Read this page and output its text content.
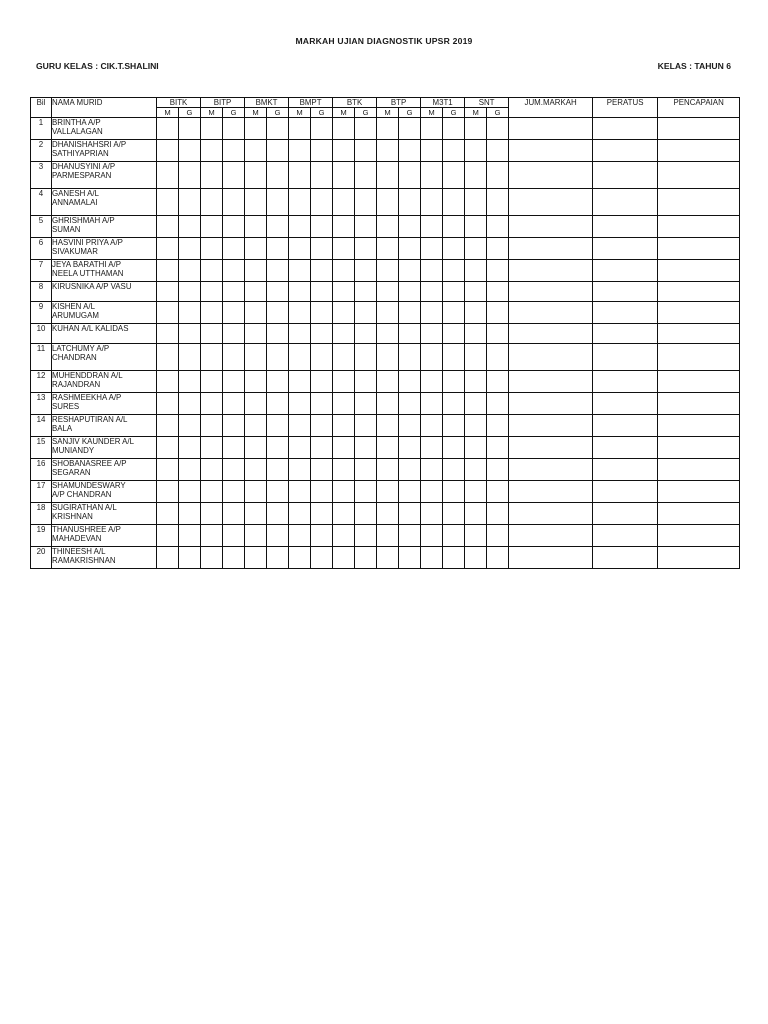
MARKAH UJIAN DIAGNOSTIK UPSR 2019
GURU KELAS : CIK.T.SHALINI	KELAS : TAHUN 6
Bil	NAMA MURID	BITK		BITP		BMKT		BMPT		BTK		BTP		M3T1		SNT		JUM.MARKAH	PERATUS	PENCAPAIAN
		M	G	M	G	M	G	M	G	M	G	M	G	M	G	M	G			
1	BRINTHA A/P
VALLALAGAN																			

2	DHANISHAHSRI A/P
SATHIYAPRIAN																			

3	DHANUSYINI A/P
PARMESPARAN																			

4	GANESH A/L
ANNAMALAI																			

5	GHRISHMAH A/P
SUMAN																			

6	HASVINI PRIYA A/P
SIVAKUMAR																			

7	JEYA BARATHI A/P
NEELA UTTHAMAN																			

8	KIRUSNIKA A/P VASU																			

9	KISHEN A/L
ARUMUGAM																			

10	KUHAN A/L KALIDAS																			

11	LATCHUMY A/P
CHANDRAN																			

12	MUHENDDRAN A/L
RAJANDRAN																			

13	RASHMEEKHA A/P
SURES																			

14	RESHAPUTIRAN A/L
BALA																			

15	SANJIV KAUNDER A/L
MUNIANDY																			

16	SHOBANASREE A/P
SEGARAN																			

17	SHAMUNDESWARY
A/P CHANDRAN																			

18	SUGIRATHAN A/L
KRISHNAN																			

19	THANUSHREE A/P
MAHADEVAN																			

20	THINEESH A/L
RAMAKRISHNAN																			
